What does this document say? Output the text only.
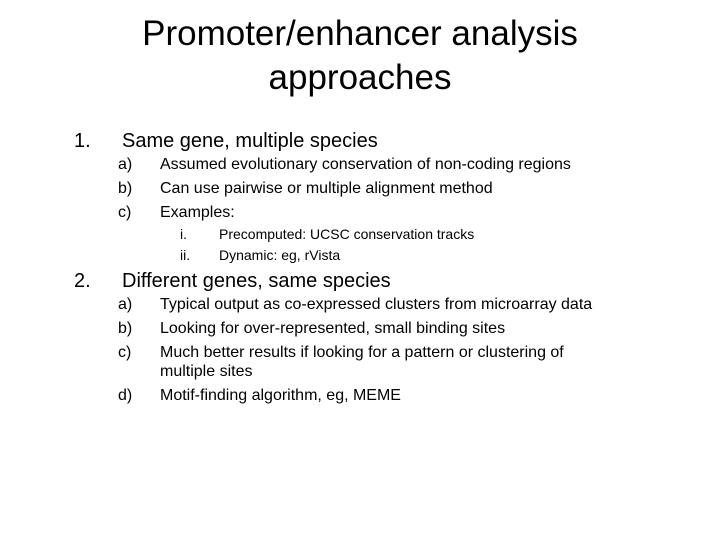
Promoter/enhancer analysis
approaches
1. Same gene, multiple species
a) Assumed evolutionary conservation of non-coding regions
b) Can use pairwise or multiple alignment method
c) Examples:
i. Precomputed: UCSC conservation tracks
ii. Dynamic: eg, rVista
2. Different genes, same species
a) Typical output as co-expressed clusters from microarray data
b) Looking for over-represented, small binding sites
c) Much better results if looking for a pattern or clustering of
multiple sites
d) Motif-finding algorithm, eg, MEME
